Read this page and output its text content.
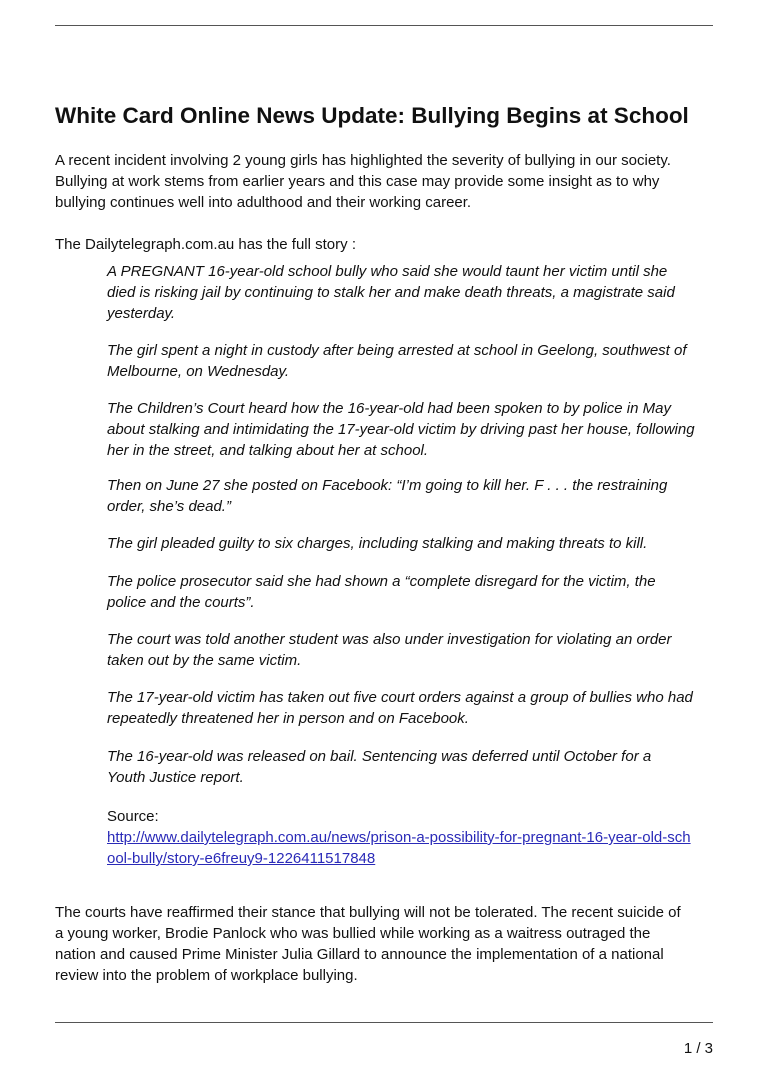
White Card Online News Update: Bullying Begins at School
A recent incident involving 2 young girls has highlighted the severity of bullying in our society.
Bullying at work stems from earlier years and this case may provide some insight as to why
bullying continues well into adulthood and their working career.
The Dailytelegraph.com.au has the full story :
A PREGNANT 16-year-old school bully who said she would taunt her victim until she
died is risking jail by continuing to stalk her and make death threats, a magistrate said
yesterday.
The girl spent a night in custody after being arrested at school in Geelong, southwest of
Melbourne, on Wednesday.
The Children’s Court heard how the 16-year-old had been spoken to by police in May
about stalking and intimidating the 17-year-old victim by driving past her house, following
her in the street, and talking about her at school.
Then on June 27 she posted on Facebook: “I’m going to kill her. F . . . the restraining
order, she’s dead.”
The girl pleaded guilty to six charges, including stalking and making threats to kill.
The police prosecutor said she had shown a “complete disregard for the victim, the
police and the courts”.
The court was told another student was also under investigation for violating an order
taken out by the same victim.
The 17-year-old victim has taken out five court orders against a group of bullies who had
repeatedly threatened her in person and on Facebook.
The 16-year-old was released on bail. Sentencing was deferred until October for a
Youth Justice report.
Source:
http://www.dailytelegraph.com.au/news/prison-a-possibility-for-pregnant-16-year-old-sch
ool-bully/story-e6freuy9-1226411517848
The courts have reaffirmed their stance that bullying will not be tolerated. The recent suicide of
a young worker, Brodie Panlock who was bullied while working as a waitress outraged the
nation and caused Prime Minister Julia Gillard to announce the implementation of a national
review into the problem of workplace bullying.
1 / 3
